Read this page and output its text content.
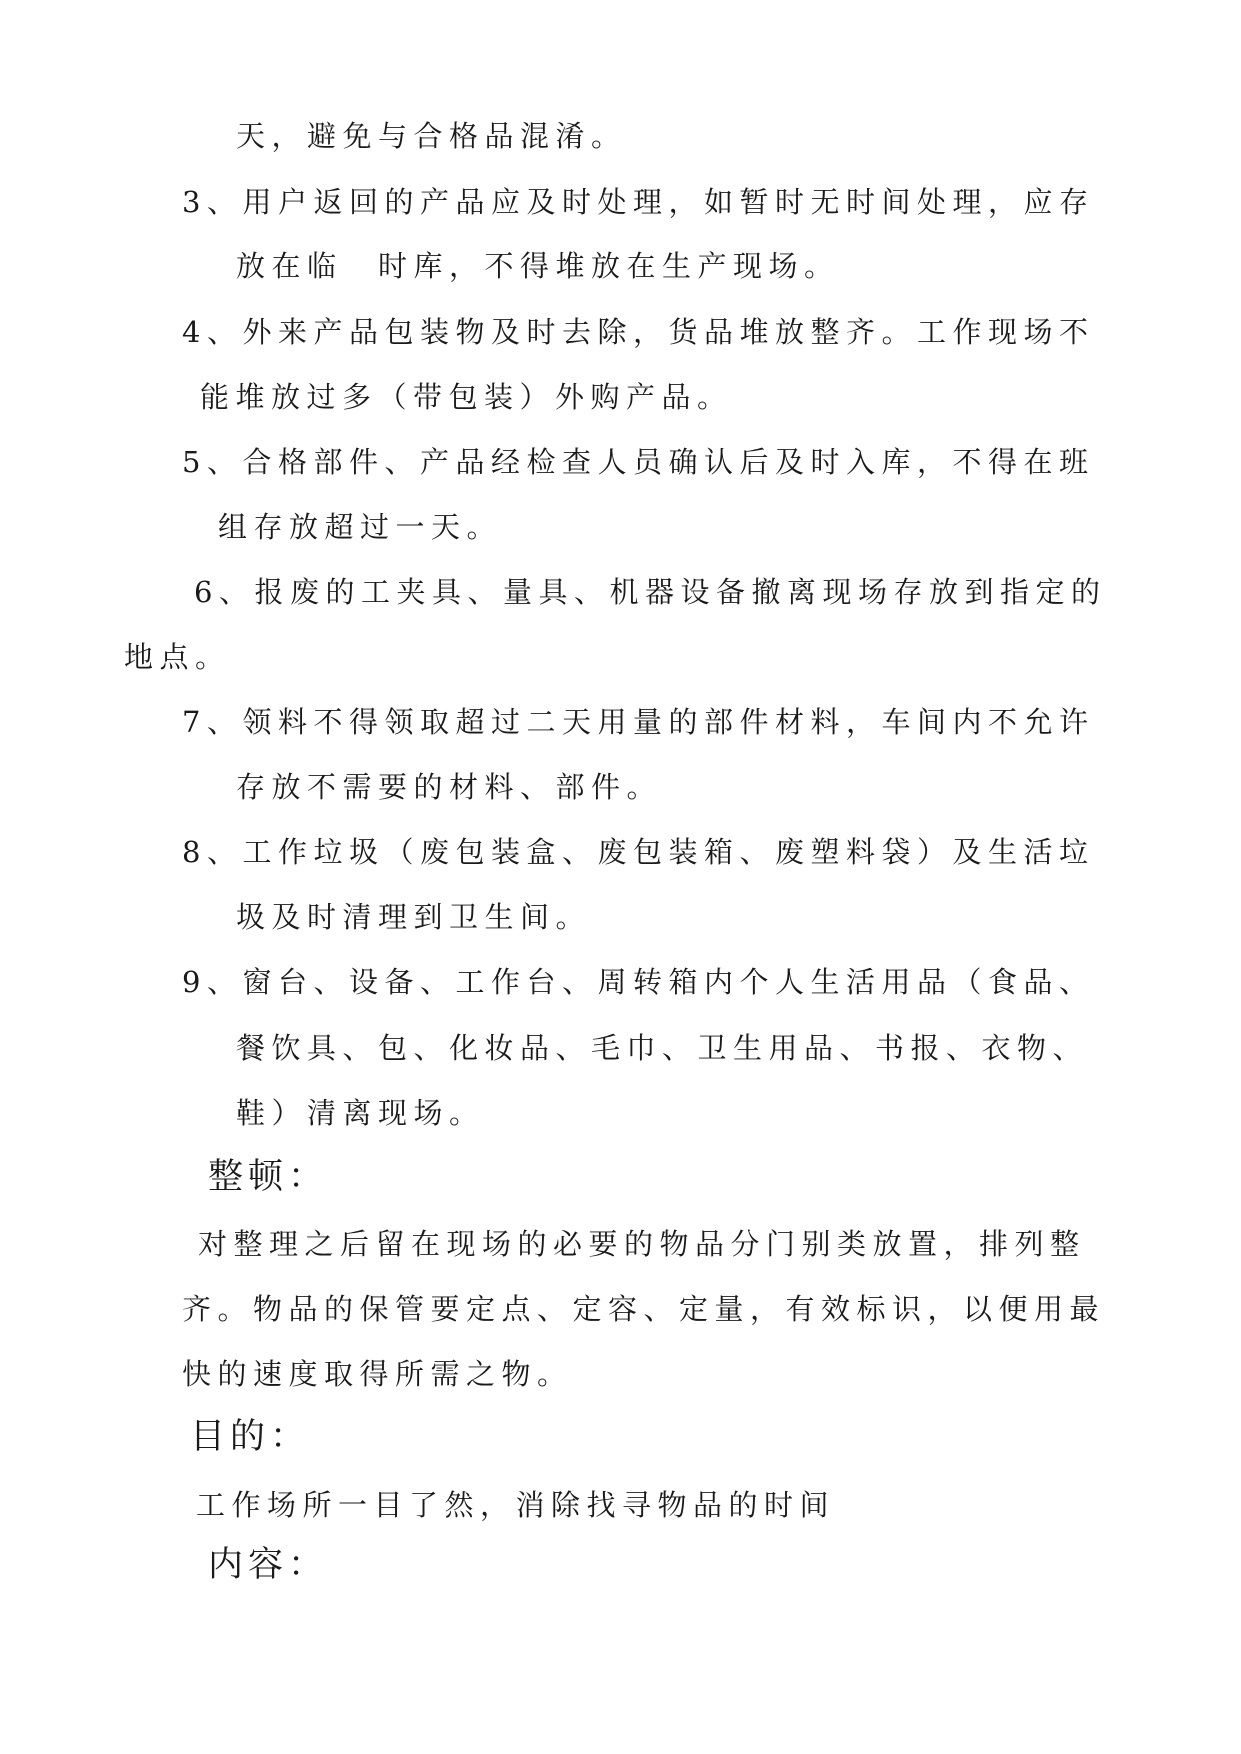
天，避免与合格品混淆。
3、用户返回的产品应及时处理，如暂时无时间处理，应存
放在临　时库，不得堆放在生产现场。
4、外来产品包装物及时去除，货品堆放整齐。工作现场不
能堆放过多（带包装）外购产品。
5、合格部件、产品经检查人员确认后及时入库，不得在班
组存放超过一天。
6、报废的工夹具、量具、机器设备撤离现场存放到指定的
地点。
7、领料不得领取超过二天用量的部件材料，车间内不允许
存放不需要的材料、部件。
8、工作垃圾（废包装盒、废包装箱、废塑料袋）及生活垃
圾及时清理到卫生间。
9、窗台、设备、工作台、周转箱内个人生活用品（食品、
餐饮具、包、化妆品、毛巾、卫生用品、书报、衣物、
鞋）清离现场。
整顿：
对整理之后留在现场的必要的物品分门别类放置，排列整
齐。物品的保管要定点、定容、定量，有效标识，以便用最
快的速度取得所需之物。
目的：
工作场所一目了然，消除找寻物品的时间
内容：
